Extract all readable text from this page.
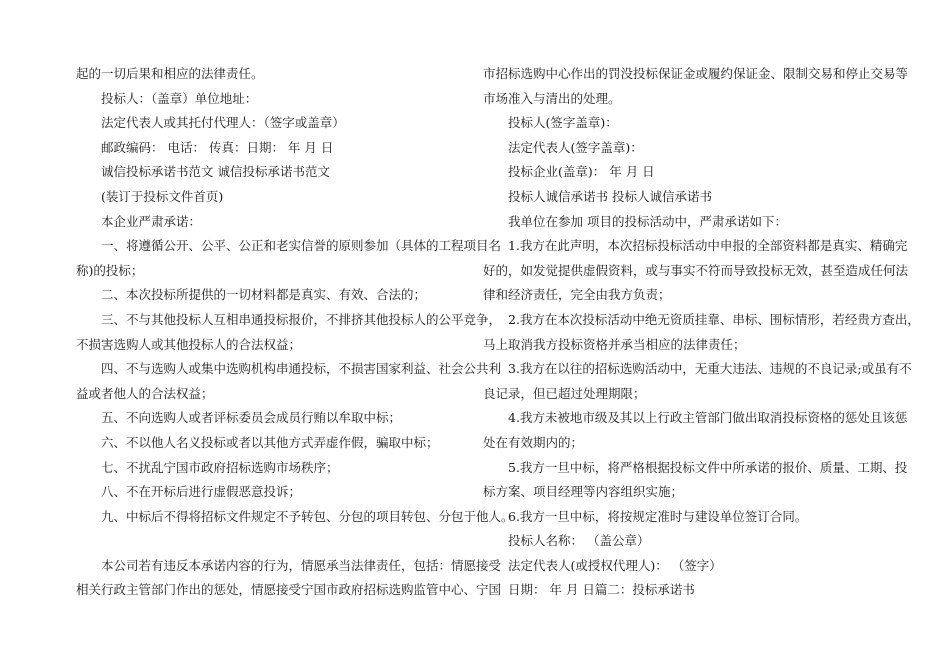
起的一切后果和相应的法律责任。
投标人：（盖章）单位地址：
法定代表人或其托付代理人：（签字或盖章）
邮政编码： 电话： 传真：日期： 年 月 日
诚信投标承诺书范文 诚信投标承诺书范文
(装订于投标文件首页)
本企业严肃承诺：
一、将遵循公开、公平、公正和老实信誉的原则参加（具体的工程项目名
称)的投标；
二、本次投标所提供的一切材料都是真实、有效、合法的；
三、不与其他投标人互相串通投标报价，不排挤其他投标人的公平竞争，
不损害选购人或其他投标人的合法权益；
四、不与选购人或集中选购机构串通投标，不损害国家利益、社会公共利
益或者他人的合法权益；
五、不向选购人或者评标委员会成员行贿以牟取中标；
六、不以他人名义投标或者以其他方式弄虚作假，骗取中标；
七、不扰乱宁国市政府招标选购市场秩序；
八、不在开标后进行虚假恶意投诉；
九、中标后不得将招标文件规定不予转包、分包的项目转包、分包于他人。
本公司若有违反本承诺内容的行为，情愿承当法律责任，包括：情愿接受
相关行政主管部门作出的惩处，情愿接受宁国市政府招标选购监管中心、宁国
市招标选购中心作出的罚没投标保证金或履约保证金、限制交易和停止交易等
市场准入与清出的处理。
投标人(签字盖章)：
法定代表人(签字盖章)：
投标企业(盖章)： 年 月 日
投标人诚信承诺书 投标人诚信承诺书
我单位在参加 项目的投标活动中，严肃承诺如下：
1.我方在此声明，本次招标投标活动中申报的全部资料都是真实、精确完
好的，如发觉提供虚假资料，或与事实不符而导致投标无效，甚至造成任何法
律和经济责任，完全由我方负责；
2.我方在本次投标活动中绝无资质挂靠、串标、围标情形，若经贵方查出，
马上取消我方投标资格并承当相应的法律责任；
3.我方在以往的招标选购活动中，无重大违法、违规的不良记录;或虽有不
良记录，但已超过处理期限；
4.我方未被地市级及其以上行政主管部门做出取消投标资格的惩处且该惩
处在有效期内的；
5.我方一旦中标，将严格根据投标文件中所承诺的报价、质量、工期、投
标方案、项目经理等内容组织实施；
6.我方一旦中标，将按规定准时与建设单位签订合同。
投标人名称： （盖公章）
法定代表人(或授权代理人)： （签字）
日期： 年 月 日篇二：投标承诺书
